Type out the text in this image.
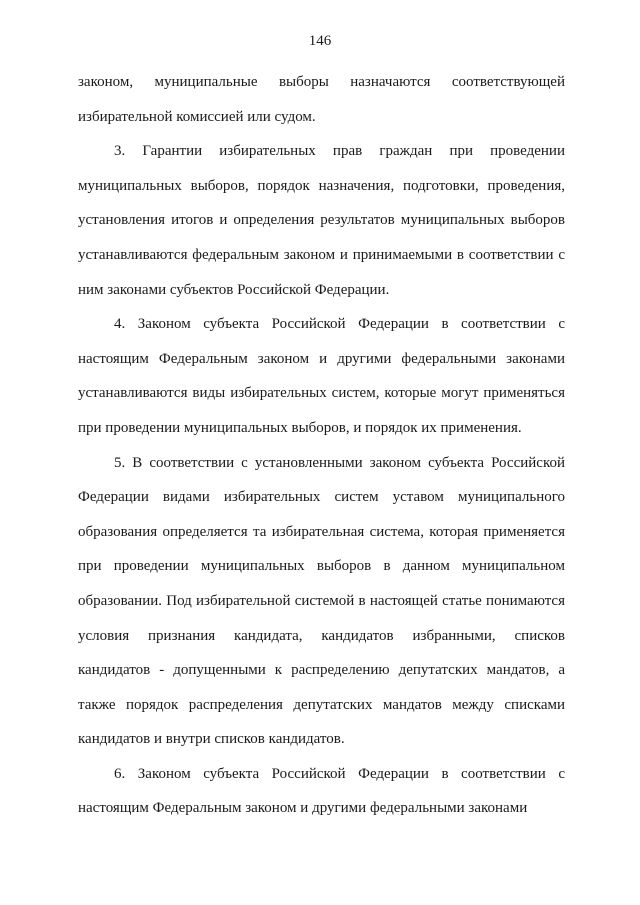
146

законом, муниципальные выборы назначаются соответствующей избирательной комиссией или судом.

3. Гарантии избирательных прав граждан при проведении муниципальных выборов, порядок назначения, подготовки, проведения, установления итогов и определения результатов муниципальных выборов устанавливаются федеральным законом и принимаемыми в соответствии с ним законами субъектов Российской Федерации.

4. Законом субъекта Российской Федерации в соответствии с настоящим Федеральным законом и другими федеральными законами устанавливаются виды избирательных систем, которые могут применяться при проведении муниципальных выборов, и порядок их применения.

5. В соответствии с установленными законом субъекта Российской Федерации видами избирательных систем уставом муниципального образования определяется та избирательная система, которая применяется при проведении муниципальных выборов в данном муниципальном образовании. Под избирательной системой в настоящей статье понимаются условия признания кандидата, кандидатов избранными, списков кандидатов - допущенными к распределению депутатских мандатов, а также порядок распределения депутатских мандатов между списками кандидатов и внутри списков кандидатов.

6. Законом субъекта Российской Федерации в соответствии с настоящим Федеральным законом и другими федеральными законами
